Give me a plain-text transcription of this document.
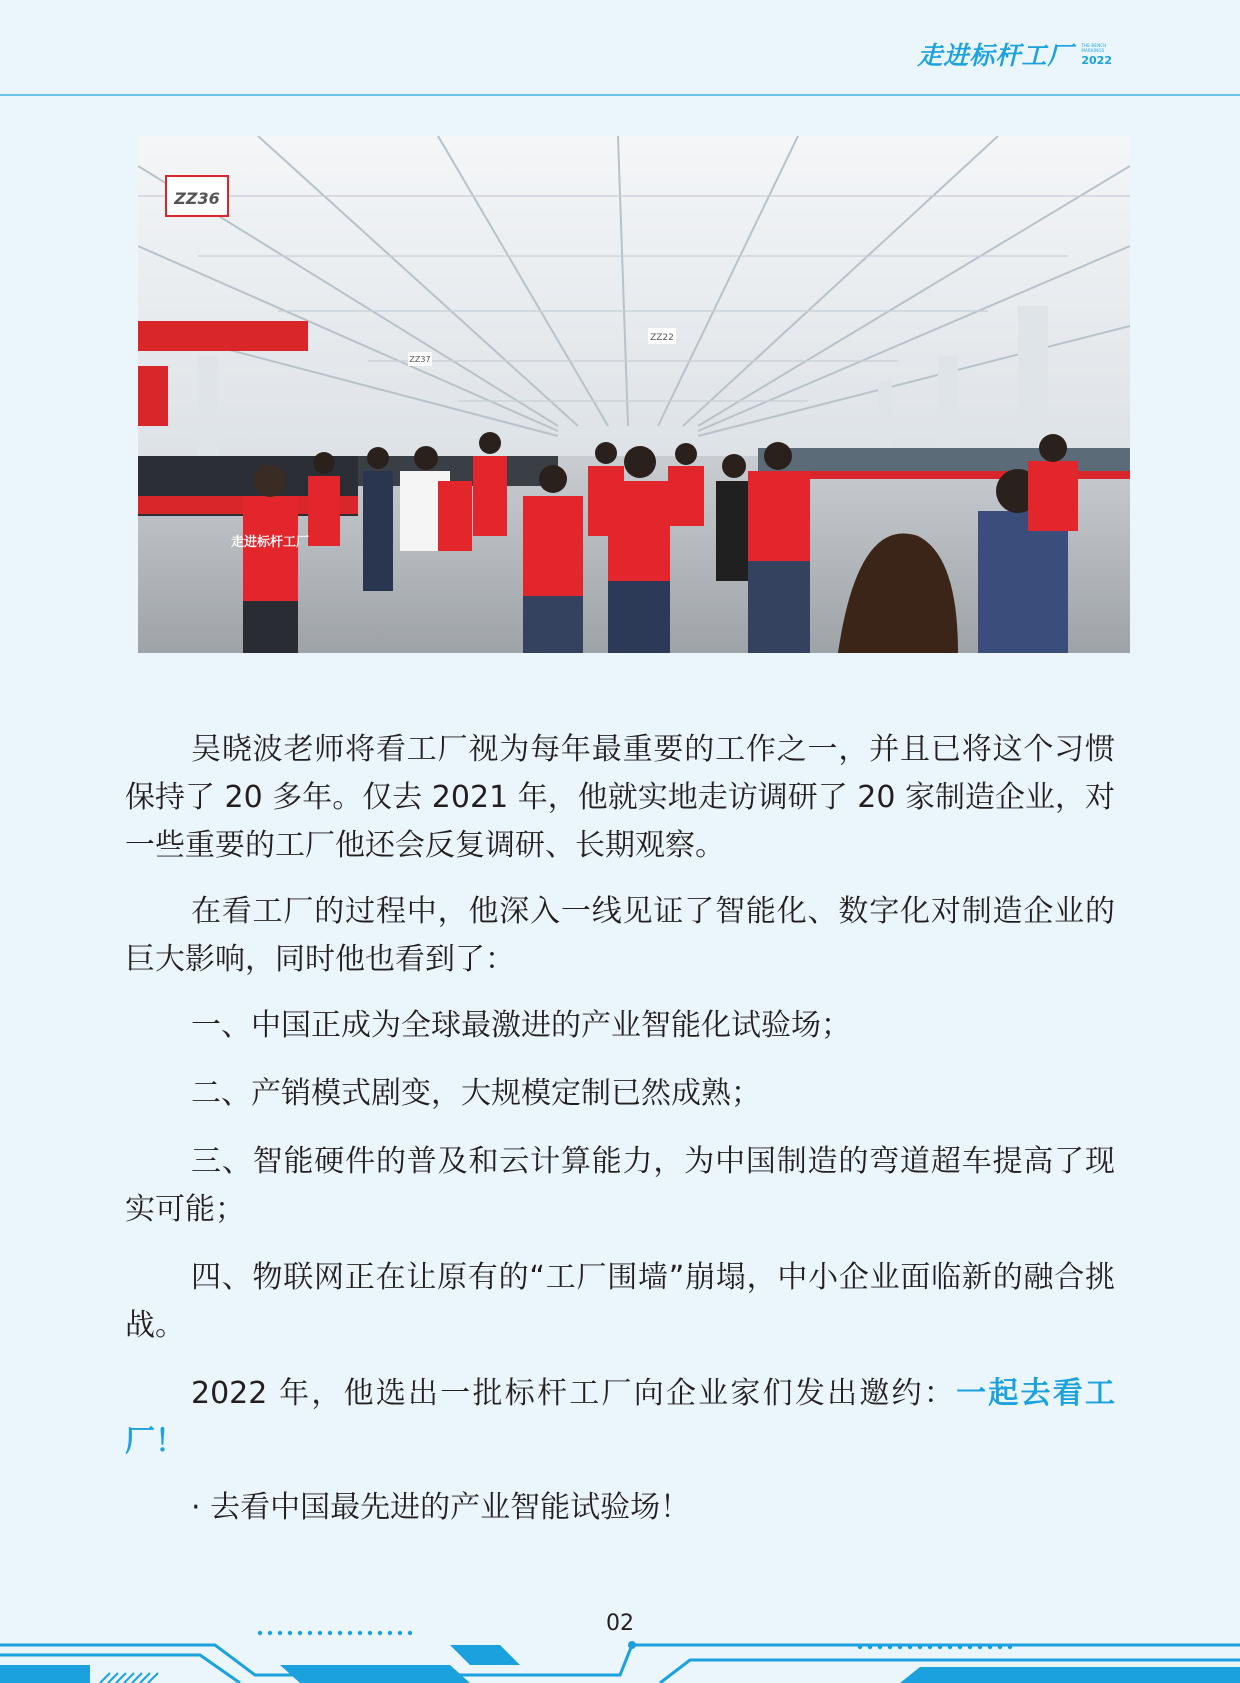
走进标杆工厂 THE BENCH MARKINGS
2022
ZZ36
ZZ22
ZZ37
走进标杆工厂

吴晓波老师将看工厂视为每年最重要的工作之一，并且已将这个习惯保持了 20 多年。仅去 2021 年，他就实地走访调研了 20 家制造企业，对一些重要的工厂他还会反复调研、长期观察。

在看工厂的过程中，他深入一线见证了智能化、数字化对制造企业的巨大影响，同时他也看到了：

一、中国正成为全球最激进的产业智能化试验场；

二、产销模式剧变，大规模定制已然成熟；

三、智能硬件的普及和云计算能力，为中国制造的弯道超车提高了现实可能；

四、物联网正在让原有的“工厂围墙”崩塌，中小企业面临新的融合挑战。

2022 年，他选出一批标杆工厂向企业家们发出邀约：一起去看工厂！

· 去看中国最先进的产业智能试验场！

02
